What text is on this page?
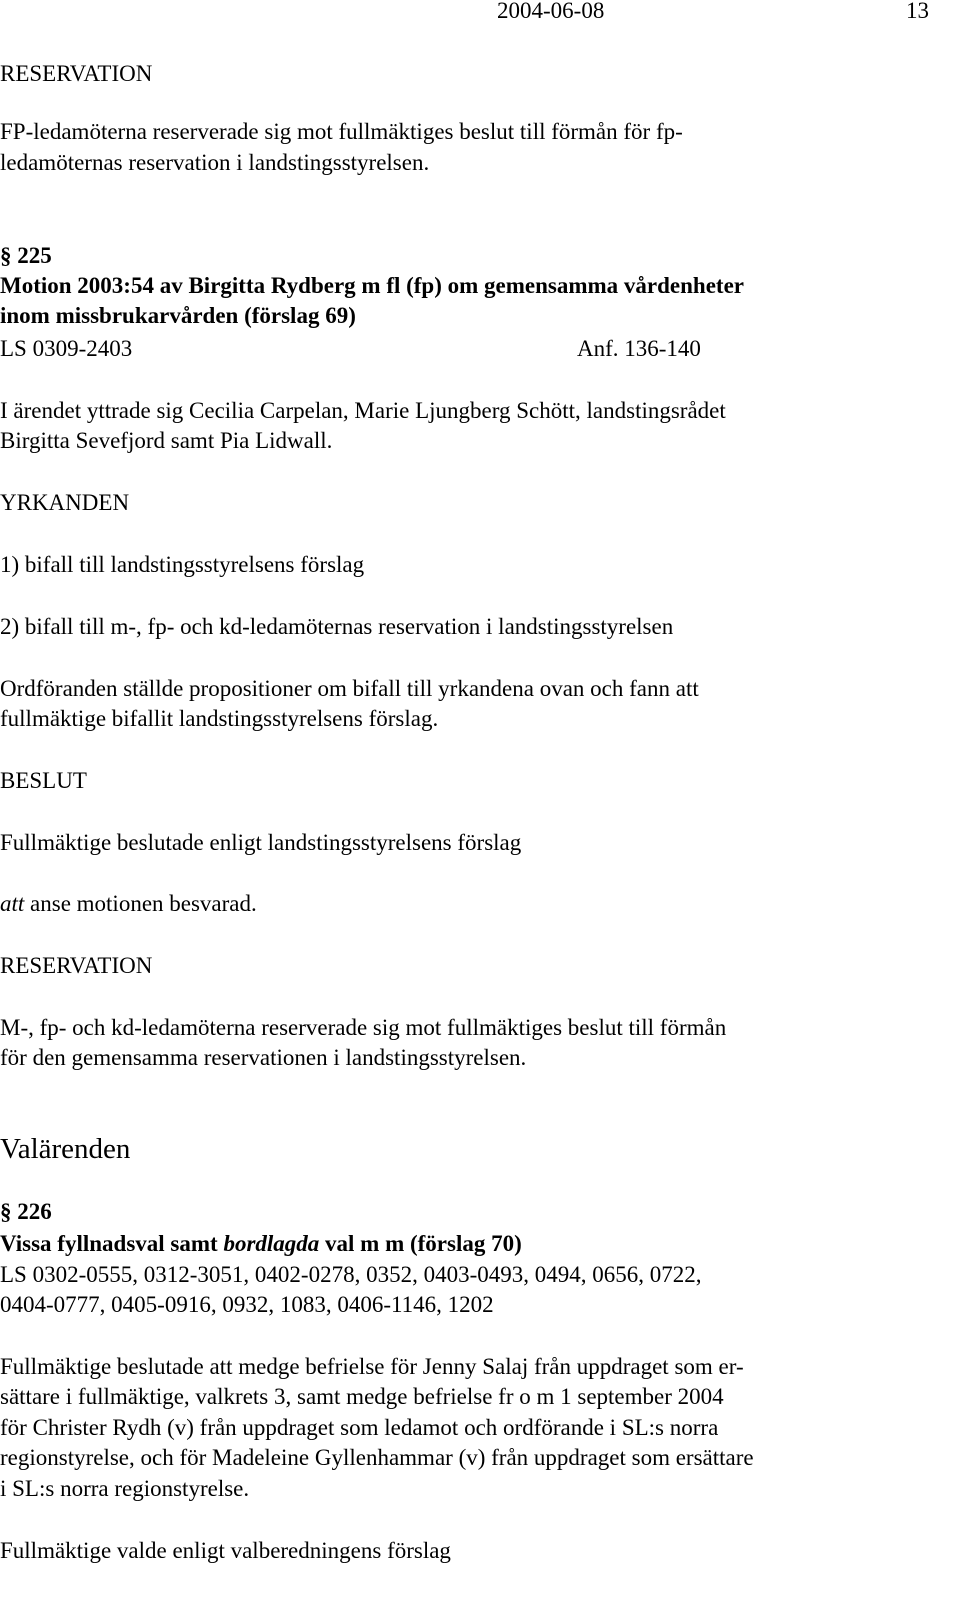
2004-06-08	13
RESERVATION
FP-ledamöterna reserverade sig mot fullmäktiges beslut till förmån för fp-
ledamöternas reservation i landstingsstyrelsen.
§ 225
Motion 2003:54 av Birgitta Rydberg m fl (fp) om gemensamma vårdenheter
inom missbrukarvården (förslag 69)
LS 0309-2403	Anf. 136-140
I ärendet yttrade sig Cecilia Carpelan, Marie Ljungberg Schött, landstingsrådet
Birgitta Sevefjord samt Pia Lidwall.
YRKANDEN
1) bifall till landstingsstyrelsens förslag
2) bifall till m-, fp- och kd-ledamöternas reservation i landstingsstyrelsen
Ordföranden ställde propositioner om bifall till yrkandena ovan och fann att
fullmäktige bifallit landstingsstyrelsens förslag.
BESLUT
Fullmäktige beslutade enligt landstingsstyrelsens förslag
att anse motionen besvarad.
RESERVATION
M-, fp- och kd-ledamöterna reserverade sig mot fullmäktiges beslut till förmån
för den gemensamma reservationen i landstingsstyrelsen.
Valärenden
§ 226
Vissa fyllnadsval samt bordlagda val m m (förslag 70)
LS 0302-0555, 0312-3051, 0402-0278, 0352, 0403-0493, 0494, 0656, 0722,
0404-0777, 0405-0916, 0932, 1083, 0406-1146, 1202
Fullmäktige beslutade att medge befrielse för Jenny Salaj från uppdraget som er-
sättare i fullmäktige, valkrets 3, samt medge befrielse fr o m 1 september 2004
för Christer Rydh (v) från uppdraget som ledamot och ordförande i SL:s norra
regionstyrelse, och för Madeleine Gyllenhammar (v) från uppdraget som ersättare
i SL:s norra regionstyrelse.
Fullmäktige valde enligt valberedningens förslag
